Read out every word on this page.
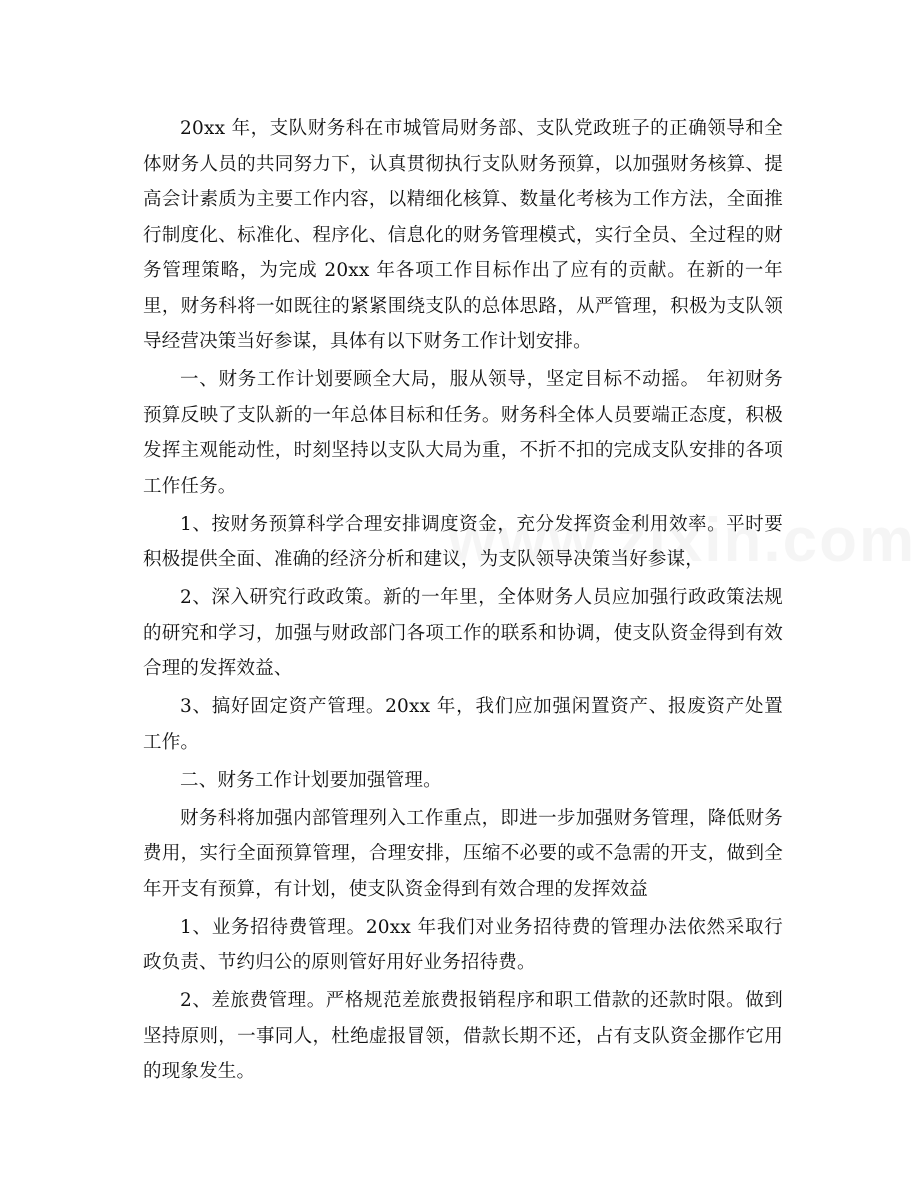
20xx 年，支队财务科在市城管局财务部、支队党政班子的正确领导和全体财务人员的共同努力下，认真贯彻执行支队财务预算，以加强财务核算、提高会计素质为主要工作内容，以精细化核算、数量化考核为工作方法，全面推行制度化、标准化、程序化、信息化的财务管理模式，实行全员、全过程的财务管理策略，为完成 20xx 年各项工作目标作出了应有的贡献。在新的一年里，财务科将一如既往的紧紧围绕支队的总体思路，从严管理，积极为支队领导经营决策当好参谋，具体有以下财务工作计划安排。

一、财务工作计划要顾全大局，服从领导，坚定目标不动摇。 年初财务预算反映了支队新的一年总体目标和任务。财务科全体人员要端正态度，积极发挥主观能动性，时刻坚持以支队大局为重，不折不扣的完成支队安排的各项工作任务。

1、按财务预算科学合理安排调度资金，充分发挥资金利用效率。平时要积极提供全面、准确的经济分析和建议，为支队领导决策当好参谋，

2、深入研究行政政策。新的一年里，全体财务人员应加强行政政策法规的研究和学习，加强与财政部门各项工作的联系和协调，使支队资金得到有效合理的发挥效益、

3、搞好固定资产管理。20xx 年，我们应加强闲置资产、报废资产处置工作。

二、财务工作计划要加强管理。

财务科将加强内部管理列入工作重点，即进一步加强财务管理，降低财务费用，实行全面预算管理，合理安排，压缩不必要的或不急需的开支，做到全年开支有预算，有计划，使支队资金得到有效合理的发挥效益

1、业务招待费管理。20xx 年我们对业务招待费的管理办法依然采取行政负责、节约归公的原则管好用好业务招待费。

2、差旅费管理。严格规范差旅费报销程序和职工借款的还款时限。做到坚持原则，一事同人，杜绝虚报冒领，借款长期不还，占有支队资金挪作它用的现象发生。
